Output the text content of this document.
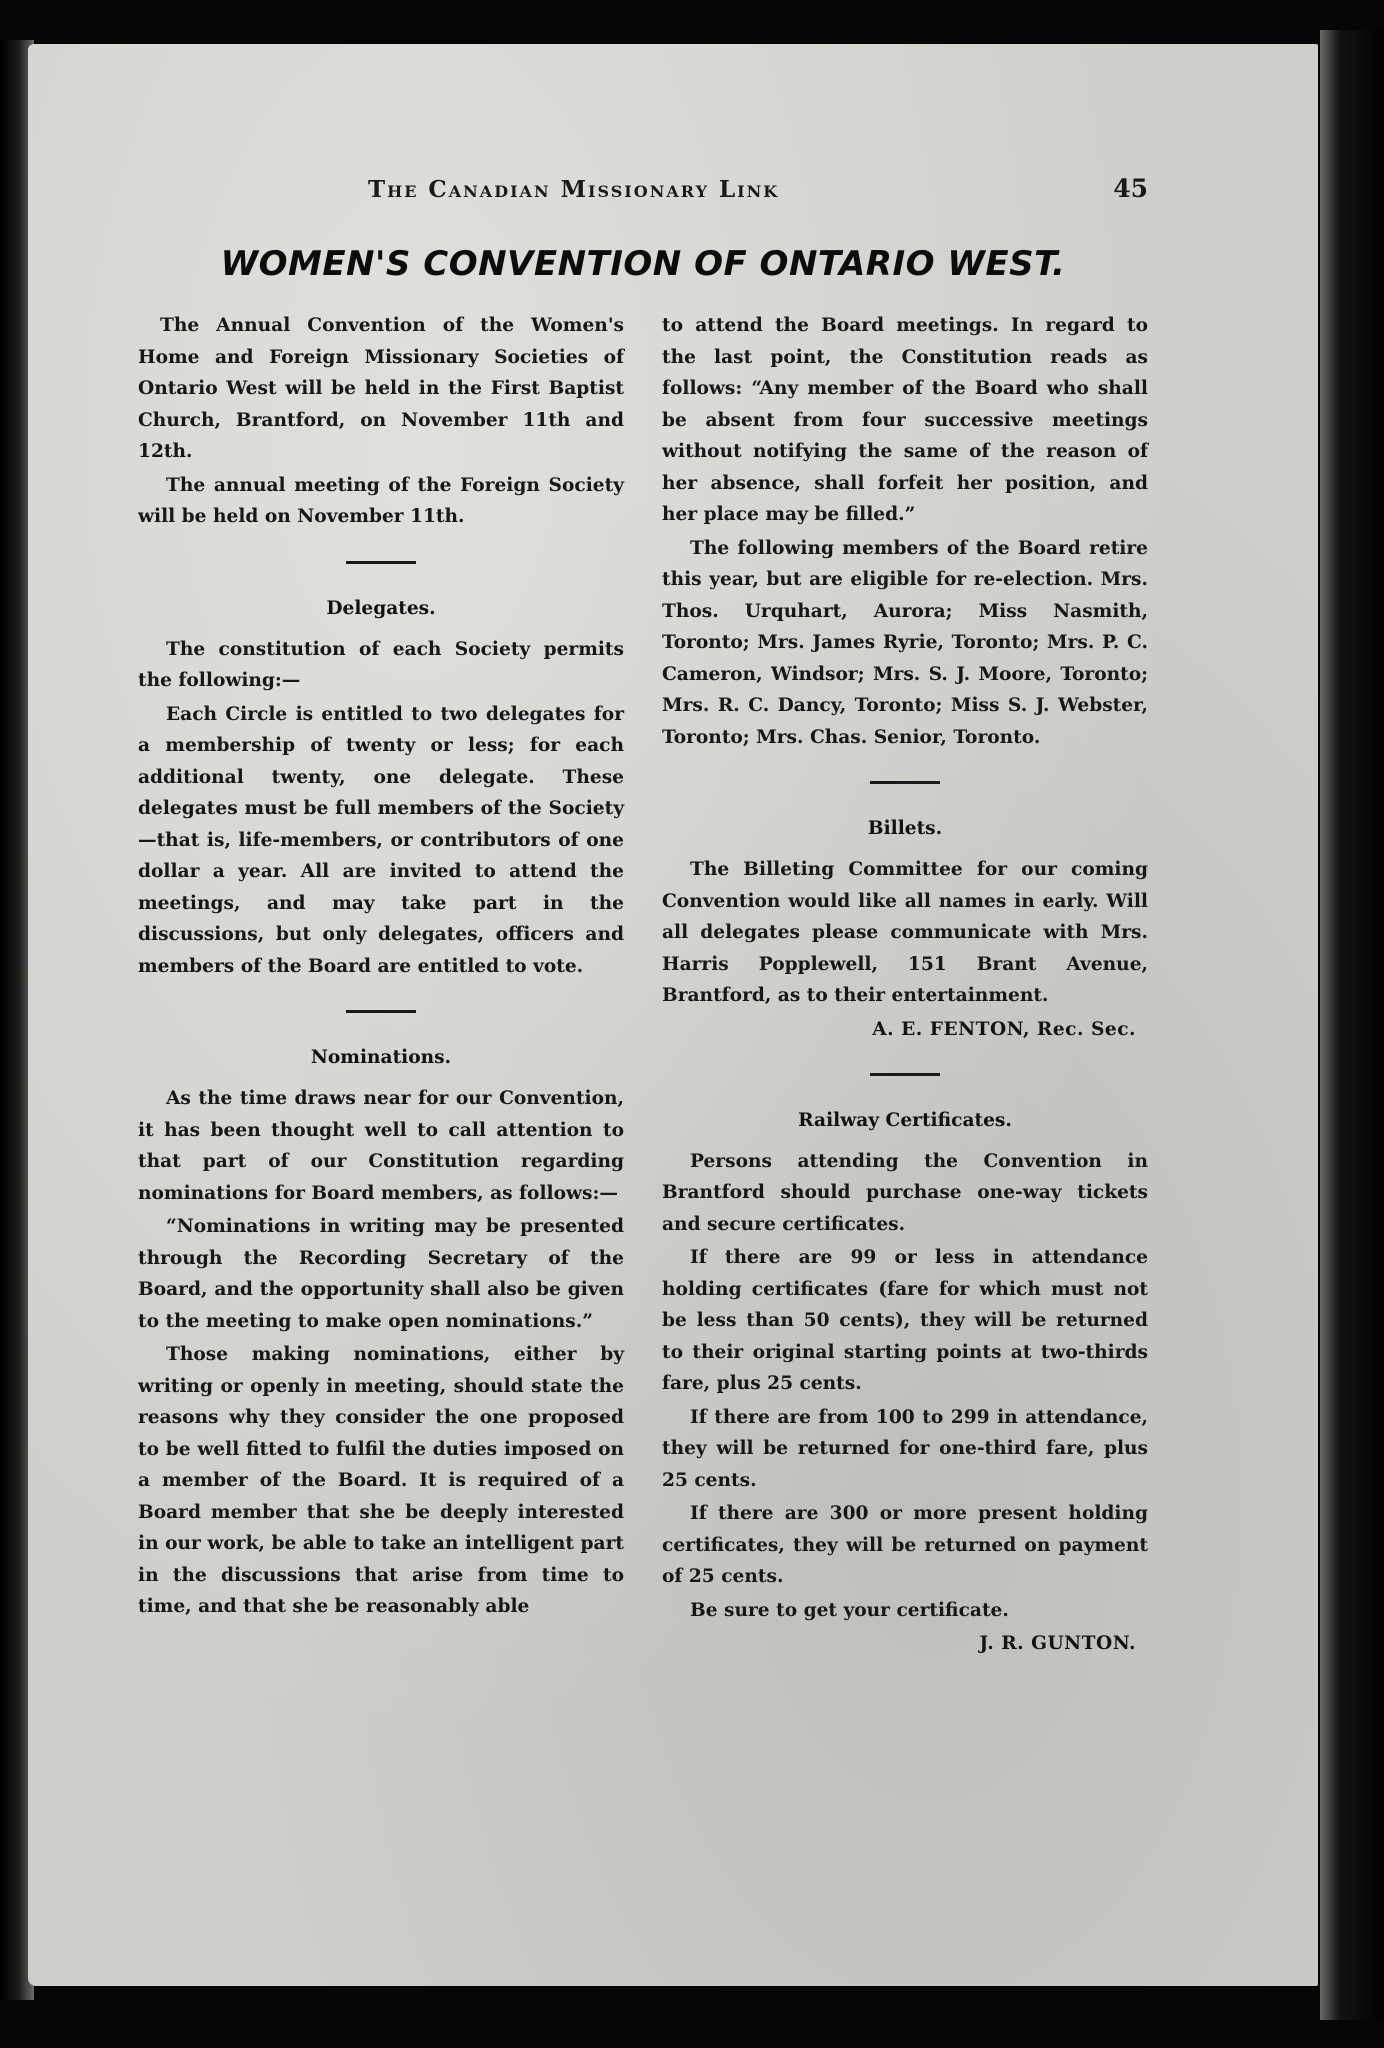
The Canadian Missionary Link	45
WOMEN'S CONVENTION OF ONTARIO WEST.

The Annual Convention of the Women's Home and Foreign Missionary Societies of Ontario West will be held in the First Baptist Church, Brantford, on November 11th and 12th.

The annual meeting of the Foreign Society will be held on November 11th.

Delegates.

The constitution of each Society permits the following:—

Each Circle is entitled to two delegates for a membership of twenty or less; for each additional twenty, one delegate. These delegates must be full members of the Society—that is, life-members, or contributors of one dollar a year. All are invited to attend the meetings, and may take part in the discussions, but only delegates, officers and members of the Board are entitled to vote.

Nominations.

As the time draws near for our Convention, it has been thought well to call attention to that part of our Constitution regarding nominations for Board members, as follows:—

“Nominations in writing may be presented through the Recording Secretary of the Board, and the opportunity shall also be given to the meeting to make open nominations.”

Those making nominations, either by writing or openly in meeting, should state the reasons why they consider the one proposed to be well fitted to fulfil the duties imposed on a member of the Board. It is required of a Board member that she be deeply interested in our work, be able to take an intelligent part in the discussions that arise from time to time, and that she be reasonably able

to attend the Board meetings. In regard to the last point, the Constitution reads as follows: “Any member of the Board who shall be absent from four successive meetings without notifying the same of the reason of her absence, shall forfeit her position, and her place may be filled.”

The following members of the Board retire this year, but are eligible for re-election. Mrs. Thos. Urquhart, Aurora; Miss Nasmith, Toronto; Mrs. James Ryrie, Toronto; Mrs. P. C. Cameron, Windsor; Mrs. S. J. Moore, Toronto; Mrs. R. C. Dancy, Toronto; Miss S. J. Webster, Toronto; Mrs. Chas. Senior, Toronto.

Billets.

The Billeting Committee for our coming Convention would like all names in early. Will all delegates please communicate with Mrs. Harris Popplewell, 151 Brant Avenue, Brantford, as to their entertainment.

A. E. FENTON, Rec. Sec.
Railway Certificates.

Persons attending the Convention in Brantford should purchase one-way tickets and secure certificates.

If there are 99 or less in attendance holding certificates (fare for which must not be less than 50 cents), they will be returned to their original starting points at two-thirds fare, plus 25 cents.

If there are from 100 to 299 in attendance, they will be returned for one-third fare, plus 25 cents.

If there are 300 or more present holding certificates, they will be returned on payment of 25 cents.

Be sure to get your certificate.

J. R. GUNTON.
